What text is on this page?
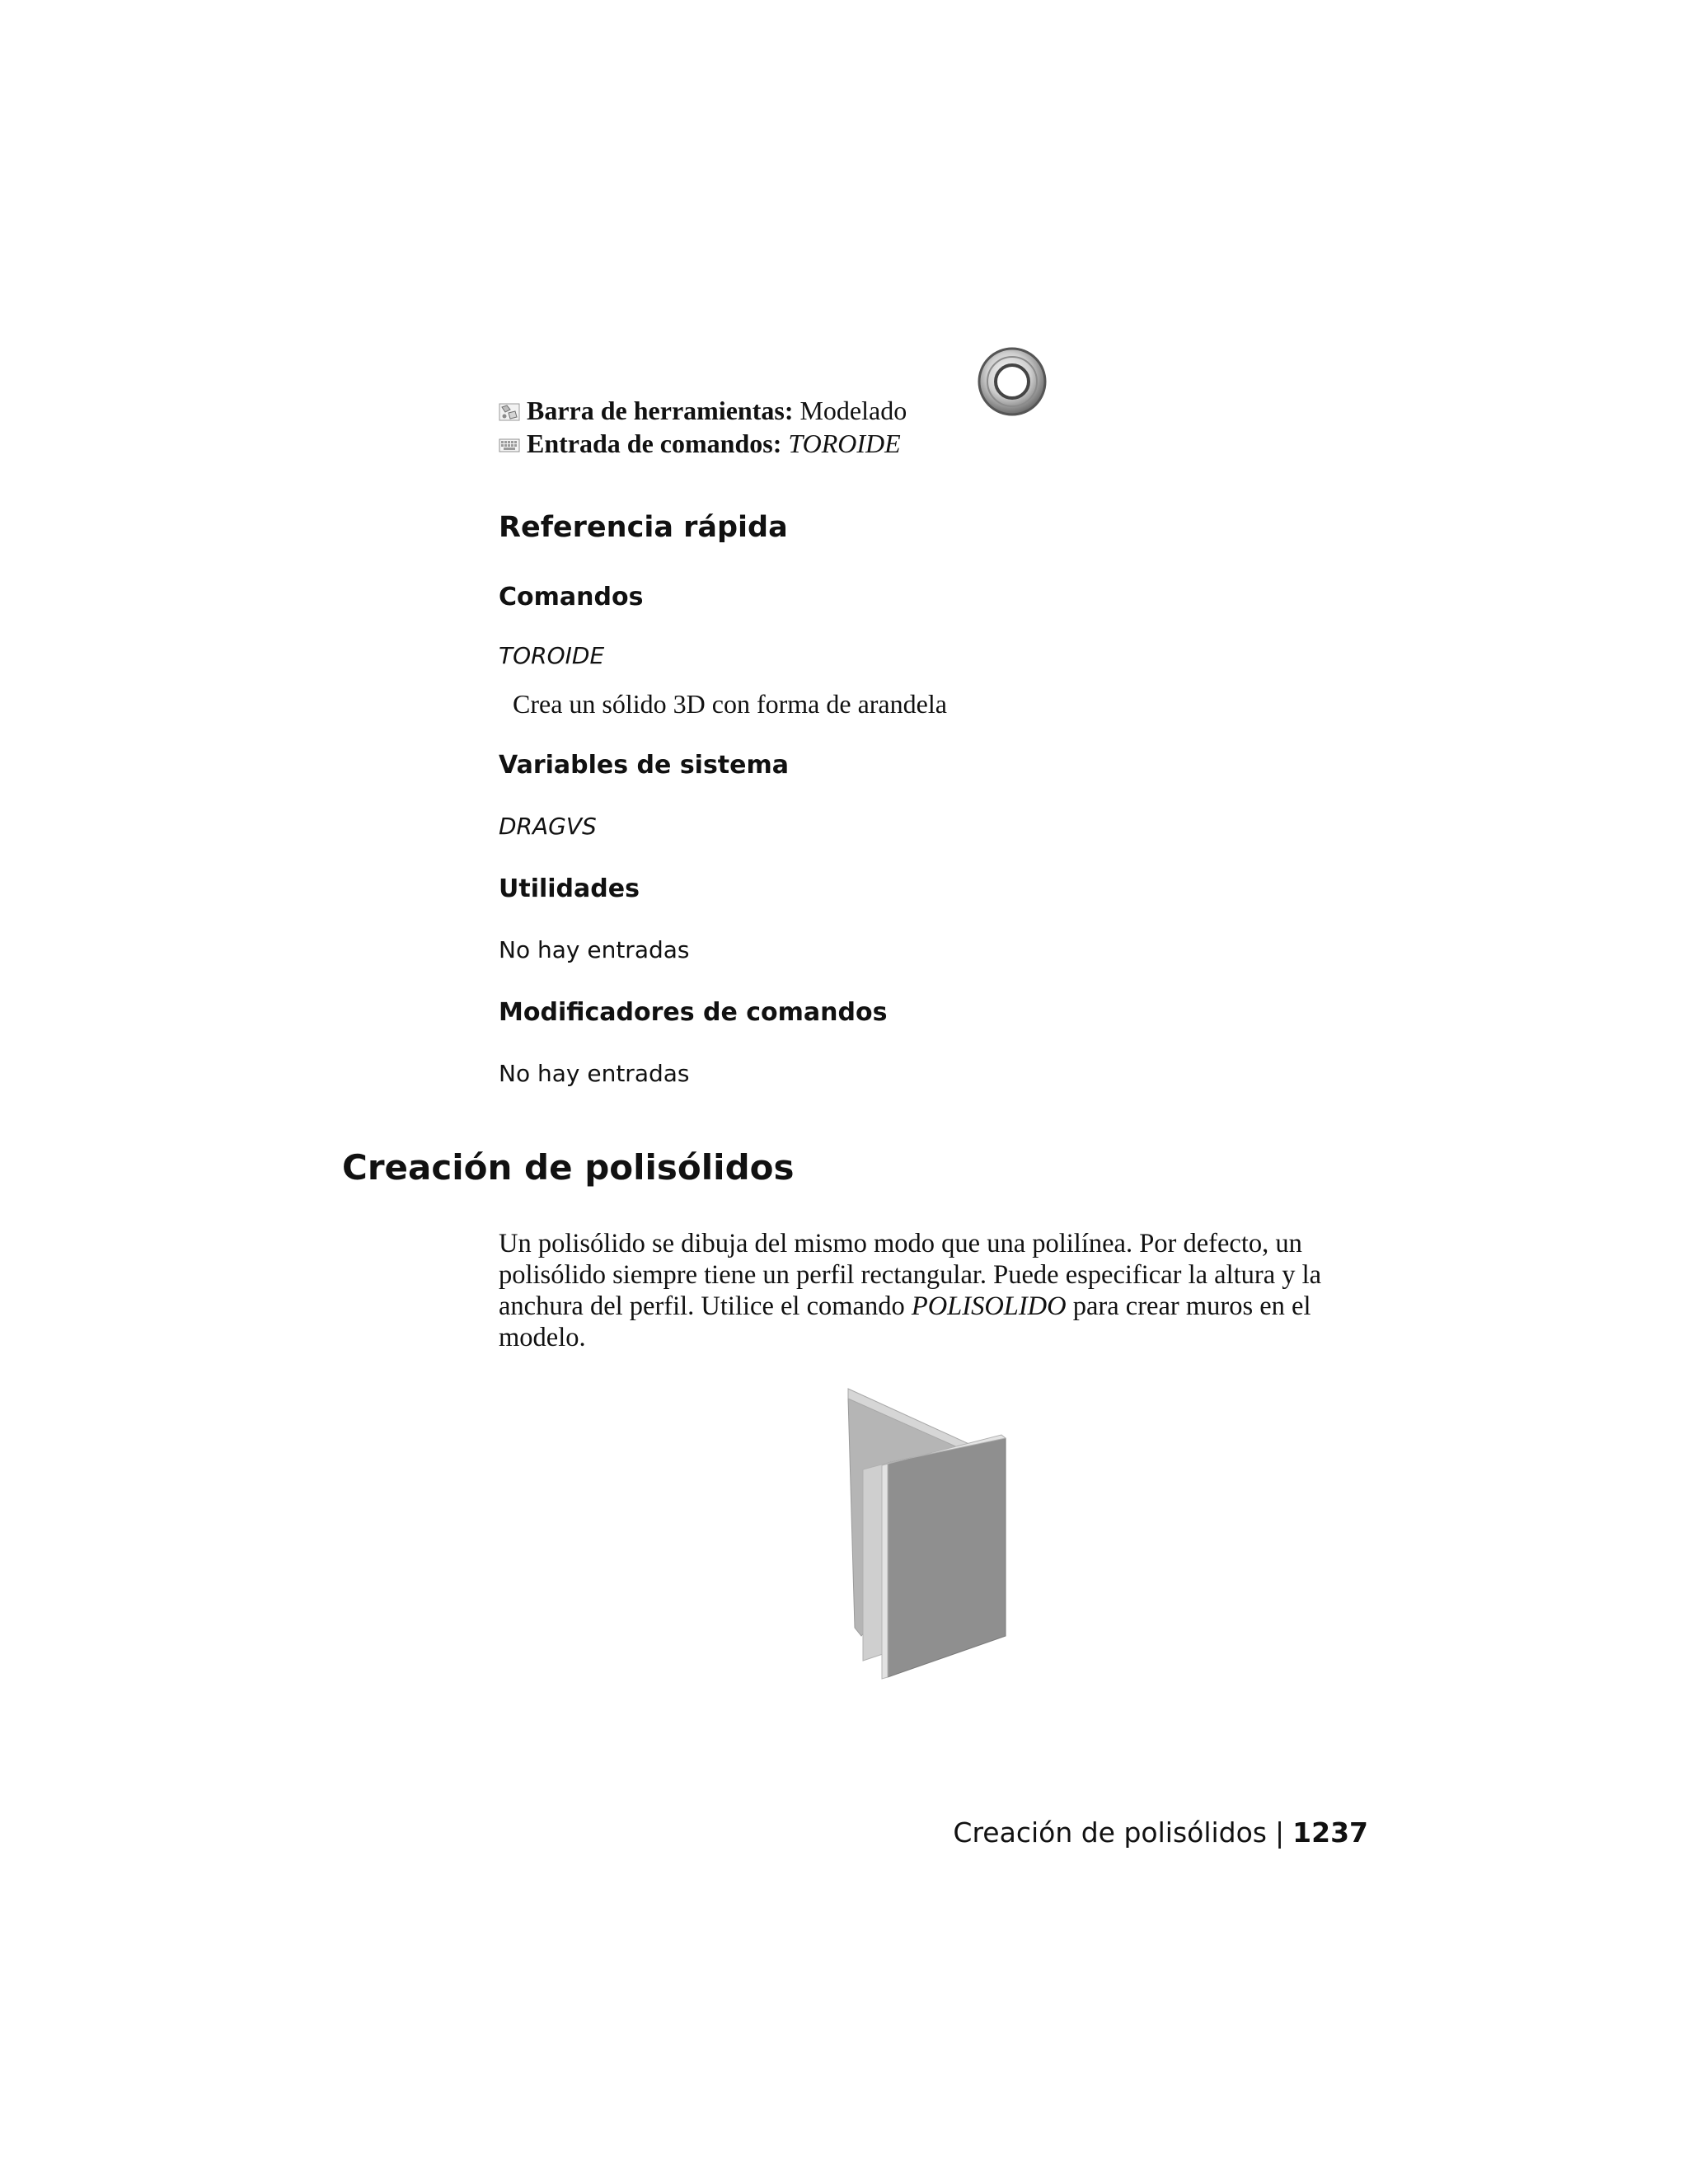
Barra de herramientas: Modelado
Entrada de comandos: TOROIDE
Referencia rápida
Comandos
TOROIDE
Crea un sólido 3D con forma de arandela
Variables de sistema
DRAGVS
Utilidades
No hay entradas
Modificadores de comandos
No hay entradas
Creación de polisólidos
Un polisólido se dibuja del mismo modo que una polilínea. Por defecto, un
polisólido siempre tiene un perfil rectangular. Puede especificar la altura y la
anchura del perfil. Utilice el comando POLISOLIDO para crear muros en el
modelo.
Creación de polisólidos | 1237
